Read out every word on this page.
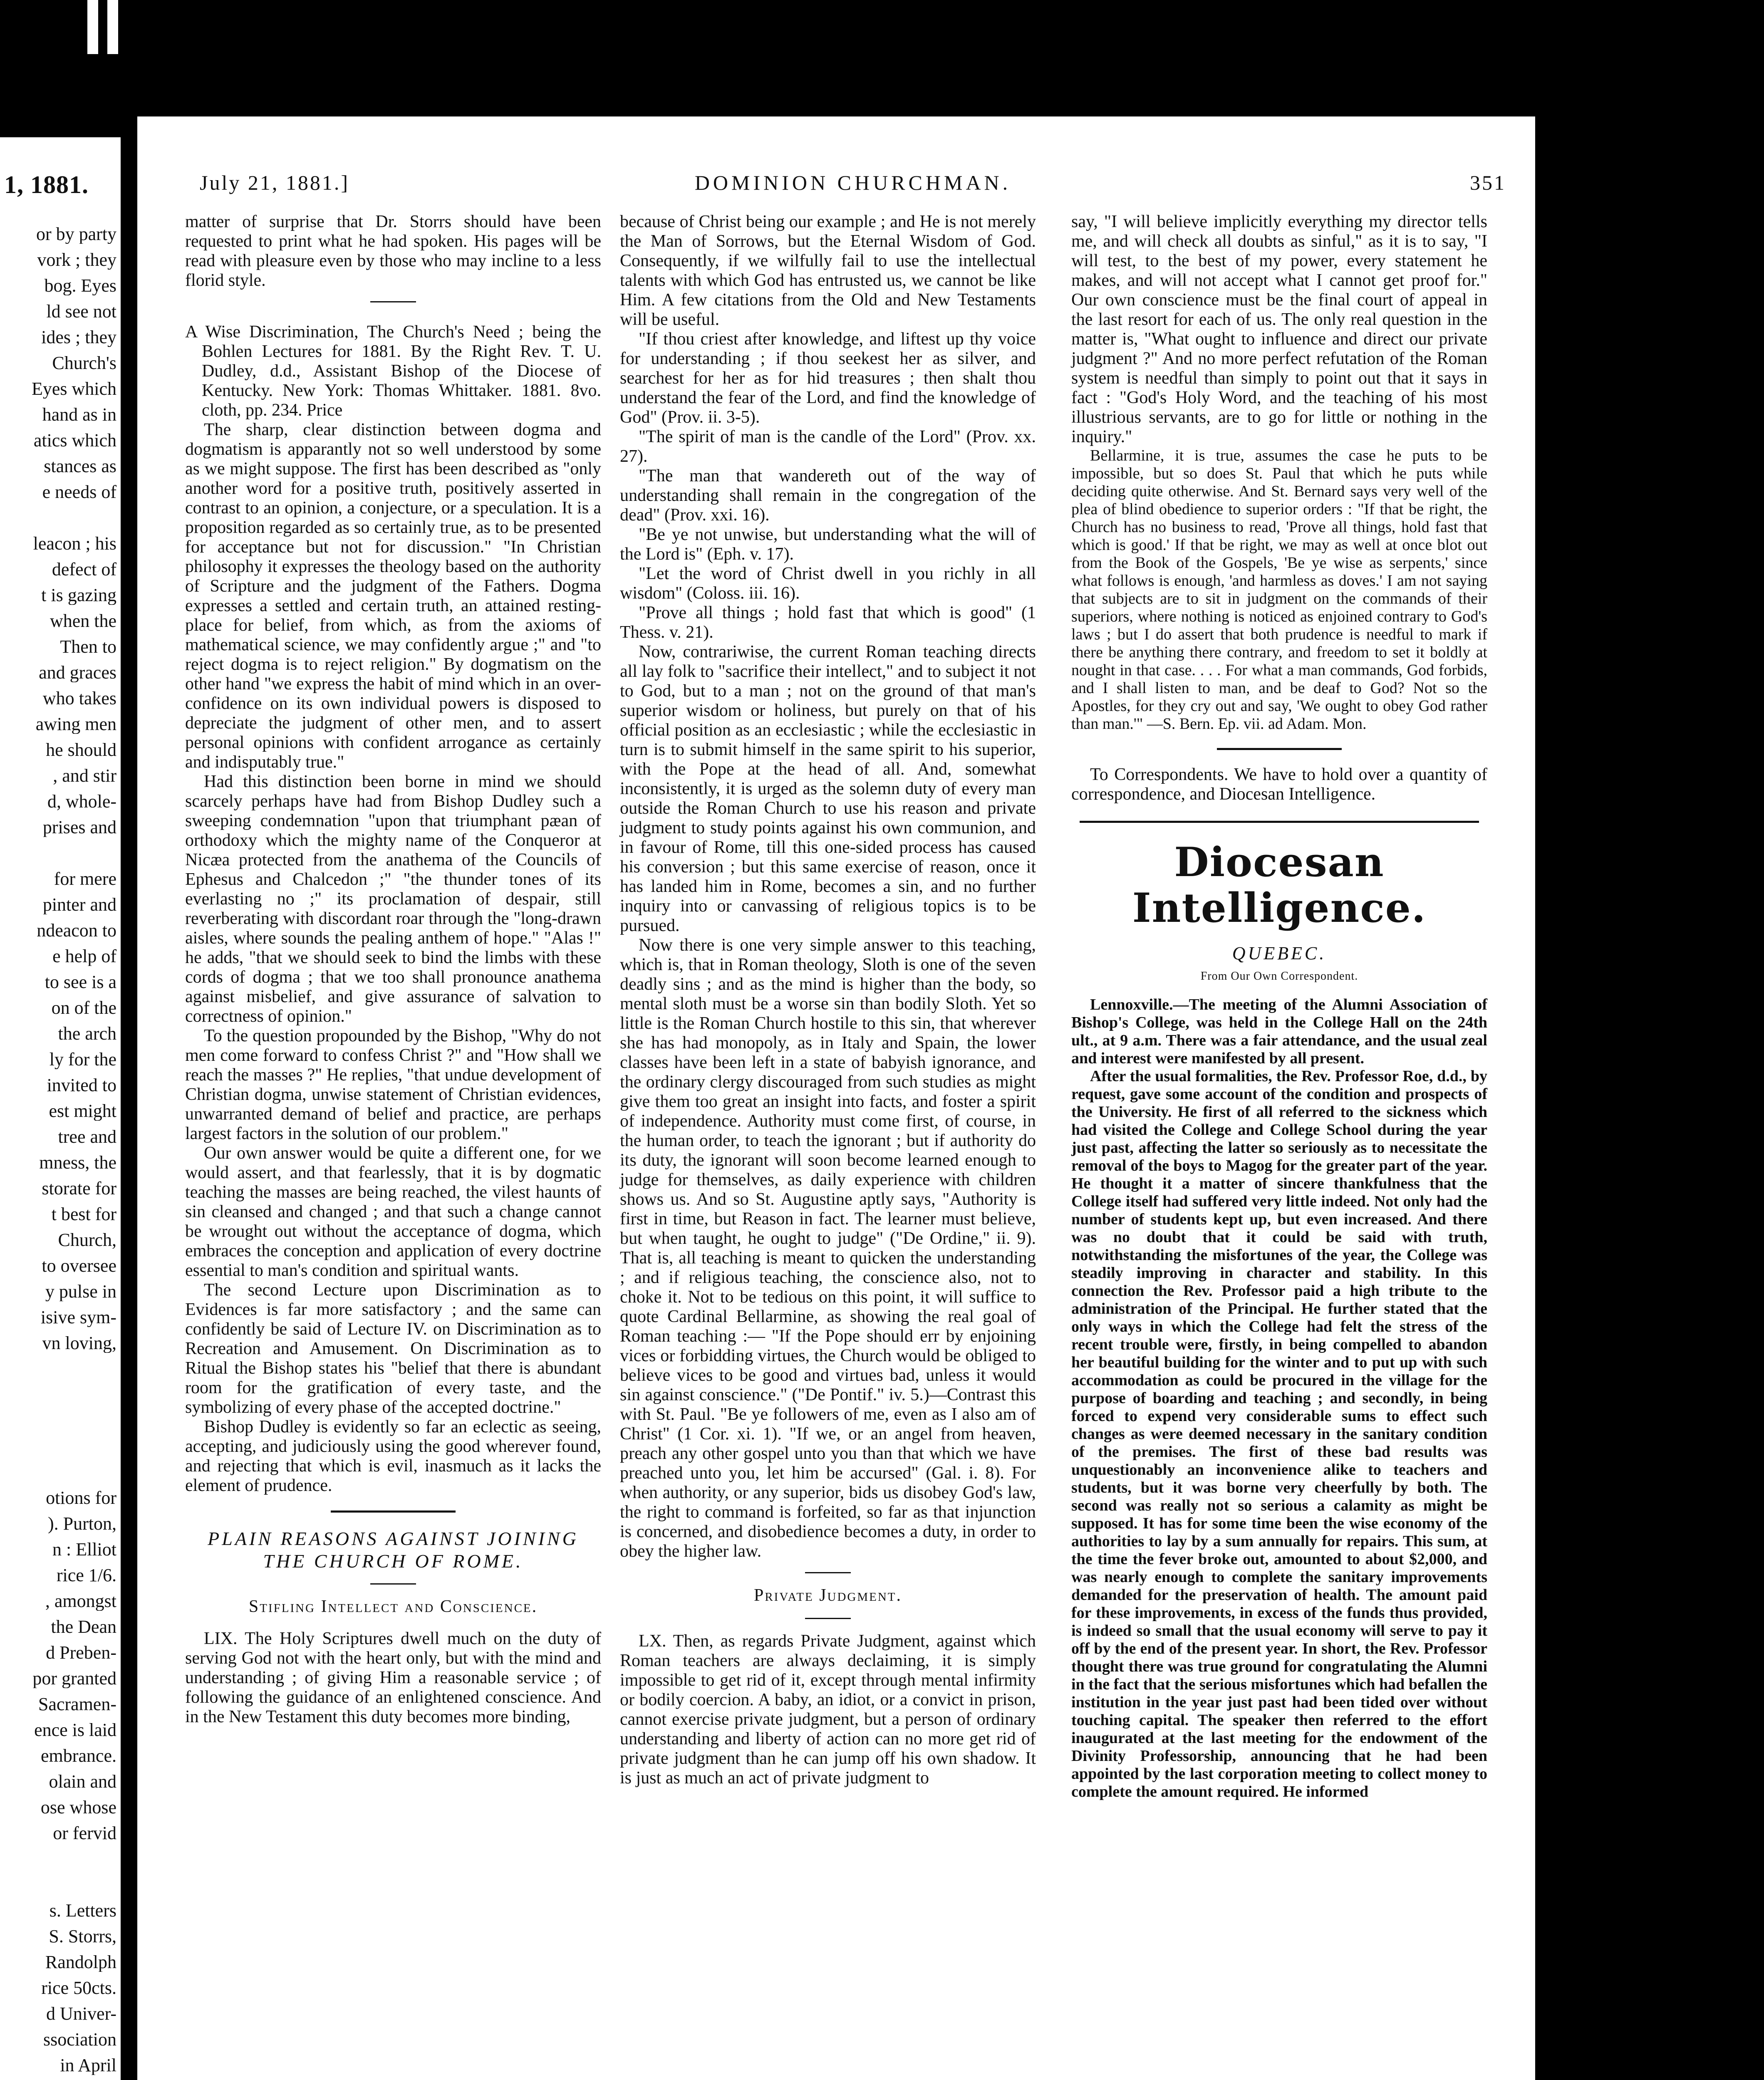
1, 1881.
or by party
vork ; they
bog. Eyes
ld see not
ides ; they
Church's
Eyes which
hand as in
atics which
stances as
e needs of
leacon ; his
defect of
t is gazing
when the
Then to
and graces
who takes
awing men
he should
, and stir
d, whole-
prises and
for mere
pinter and
ndeacon to
e help of
to see is a
on of the
the arch
ly for the
invited to
est might
tree and
mness, the
storate for
t best for
Church,
to oversee
y pulse in
isive sym-
vn loving,
otions for
). Purton,
n : Elliot
rice 1/6.
, amongst
the Dean
d Preben-
por granted
Sacramen-
ence is laid
embrance.
olain and
ose whose
or fervid
s. Letters
S. Storrs,
Randolph
rice 50cts.
d Univer-
ssociation
in April
July 21, 1881.]	DOMINION CHURCHMAN.	351

matter of surprise that Dr. Storrs should have been requested to print what he had spoken. His pages will be read with pleasure even by those who may incline to a less florid style.

A Wise Discrimination, The Church's Need ; being the Bohlen Lectures for 1881. By the Right Rev. T. U. Dudley, d.d., Assistant Bishop of the Diocese of Kentucky. New York: Thomas Whittaker. 1881. 8vo. cloth, pp. 234. Price

The sharp, clear distinction between dogma and dogmatism is apparantly not so well understood by some as we might suppose. The first has been described as "only another word for a positive truth, positively asserted in contrast to an opinion, a conjecture, or a speculation. It is a proposition regarded as so certainly true, as to be presented for acceptance but not for discussion." "In Christian philosophy it expresses the theology based on the authority of Scripture and the judgment of the Fathers. Dogma expresses a settled and certain truth, an attained resting-place for belief, from which, as from the axioms of mathematical science, we may confidently argue ;" and "to reject dogma is to reject religion." By dogmatism on the other hand "we express the habit of mind which in an over-confidence on its own individual powers is disposed to depreciate the judgment of other men, and to assert personal opinions with confident arrogance as certainly and indisputably true."

Had this distinction been borne in mind we should scarcely perhaps have had from Bishop Dudley such a sweeping condemnation "upon that triumphant pæan of orthodoxy which the mighty name of the Conqueror at Nicæa protected from the anathema of the Councils of Ephesus and Chalcedon ;" "the thunder tones of its everlasting no ;" its proclamation of despair, still reverberating with discordant roar through the "long-drawn aisles, where sounds the pealing anthem of hope." "Alas !" he adds, "that we should seek to bind the limbs with these cords of dogma ; that we too shall pronounce anathema against misbelief, and give assurance of salvation to correctness of opinion."

To the question propounded by the Bishop, "Why do not men come forward to confess Christ ?" and "How shall we reach the masses ?" He replies, "that undue development of Christian dogma, unwise statement of Christian evidences, unwarranted demand of belief and practice, are perhaps largest factors in the solution of our problem."

Our own answer would be quite a different one, for we would assert, and that fearlessly, that it is by dogmatic teaching the masses are being reached, the vilest haunts of sin cleansed and changed ; and that such a change cannot be wrought out without the acceptance of dogma, which embraces the conception and application of every doctrine essential to man's condition and spiritual wants.

The second Lecture upon Discrimination as to Evidences is far more satisfactory ; and the same can confidently be said of Lecture IV. on Discrimination as to Recreation and Amusement. On Discrimination as to Ritual the Bishop states his "belief that there is abundant room for the gratification of every taste, and the symbolizing of every phase of the accepted doctrine."

Bishop Dudley is evidently so far an eclectic as seeing, accepting, and judiciously using the good wherever found, and rejecting that which is evil, inasmuch as it lacks the element of prudence.

PLAIN REASONS AGAINST JOINING THE CHURCH OF ROME.
Stifling Intellect and Conscience.

LIX. The Holy Scriptures dwell much on the duty of serving God not with the heart only, but with the mind and understanding ; of giving Him a reasonable service ; of following the guidance of an enlightened conscience. And in the New Testament this duty becomes more binding,

because of Christ being our example ; and He is not merely the Man of Sorrows, but the Eternal Wisdom of God. Consequently, if we wilfully fail to use the intellectual talents with which God has entrusted us, we cannot be like Him. A few citations from the Old and New Testaments will be useful.

"If thou criest after knowledge, and liftest up thy voice for understanding ; if thou seekest her as silver, and searchest for her as for hid treasures ; then shalt thou understand the fear of the Lord, and find the knowledge of God" (Prov. ii. 3-5).

"The spirit of man is the candle of the Lord" (Prov. xx. 27).

"The man that wandereth out of the way of understanding shall remain in the congregation of the dead" (Prov. xxi. 16).

"Be ye not unwise, but understanding what the will of the Lord is" (Eph. v. 17).

"Let the word of Christ dwell in you richly in all wisdom" (Coloss. iii. 16).

"Prove all things ; hold fast that which is good" (1 Thess. v. 21).

Now, contrariwise, the current Roman teaching directs all lay folk to "sacrifice their intellect," and to subject it not to God, but to a man ; not on the ground of that man's superior wisdom or holiness, but purely on that of his official position as an ecclesiastic ; while the ecclesiastic in turn is to submit himself in the same spirit to his superior, with the Pope at the head of all. And, somewhat inconsistently, it is urged as the solemn duty of every man outside the Roman Church to use his reason and private judgment to study points against his own communion, and in favour of Rome, till this one-sided process has caused his conversion ; but this same exercise of reason, once it has landed him in Rome, becomes a sin, and no further inquiry into or canvassing of religious topics is to be pursued.

Now there is one very simple answer to this teaching, which is, that in Roman theology, Sloth is one of the seven deadly sins ; and as the mind is higher than the body, so mental sloth must be a worse sin than bodily Sloth. Yet so little is the Roman Church hostile to this sin, that wherever she has had monopoly, as in Italy and Spain, the lower classes have been left in a state of babyish ignorance, and the ordinary clergy discouraged from such studies as might give them too great an insight into facts, and foster a spirit of independence. Authority must come first, of course, in the human order, to teach the ignorant ; but if authority do its duty, the ignorant will soon become learned enough to judge for themselves, as daily experience with children shows us. And so St. Augustine aptly says, "Authority is first in time, but Reason in fact. The learner must believe, but when taught, he ought to judge" ("De Ordine," ii. 9). That is, all teaching is meant to quicken the understanding ; and if religious teaching, the conscience also, not to choke it. Not to be tedious on this point, it will suffice to quote Cardinal Bellarmine, as showing the real goal of Roman teaching :— "If the Pope should err by enjoining vices or forbidding virtues, the Church would be obliged to believe vices to be good and virtues bad, unless it would sin against conscience." ("De Pontif." iv. 5.)—Contrast this with St. Paul. "Be ye followers of me, even as I also am of Christ" (1 Cor. xi. 1). "If we, or an angel from heaven, preach any other gospel unto you than that which we have preached unto you, let him be accursed" (Gal. i. 8). For when authority, or any superior, bids us disobey God's law, the right to command is forfeited, so far as that injunction is concerned, and disobedience becomes a duty, in order to obey the higher law.

Private Judgment.

LX. Then, as regards Private Judgment, against which Roman teachers are always declaiming, it is simply impossible to get rid of it, except through mental infirmity or bodily coercion. A baby, an idiot, or a convict in prison, cannot exercise private judgment, but a person of ordinary understanding and liberty of action can no more get rid of private judgment than he can jump off his own shadow. It is just as much an act of private judgment to

say, "I will believe implicitly everything my director tells me, and will check all doubts as sinful," as it is to say, "I will test, to the best of my power, every statement he makes, and will not accept what I cannot get proof for." Our own conscience must be the final court of appeal in the last resort for each of us. The only real question in the matter is, "What ought to influence and direct our private judgment ?" And no more perfect refutation of the Roman system is needful than simply to point out that it says in fact : "God's Holy Word, and the teaching of his most illustrious servants, are to go for little or nothing in the inquiry."

Bellarmine, it is true, assumes the case he puts to be impossible, but so does St. Paul that which he puts while deciding quite otherwise. And St. Bernard says very well of the plea of blind obedience to superior orders : "If that be right, the Church has no business to read, 'Prove all things, hold fast that which is good.' If that be right, we may as well at once blot out from the Book of the Gospels, 'Be ye wise as serpents,' since what follows is enough, 'and harmless as doves.' I am not saying that subjects are to sit in judgment on the commands of their superiors, where nothing is noticed as enjoined contrary to God's laws ; but I do assert that both prudence is needful to mark if there be anything there contrary, and freedom to set it boldly at nought in that case. . . . For what a man commands, God forbids, and I shall listen to man, and be deaf to God? Not so the Apostles, for they cry out and say, 'We ought to obey God rather than man.'" —S. Bern. Ep. vii. ad Adam. Mon.

To Correspondents. We have to hold over a quantity of correspondence, and Diocesan Intelligence.

Diocesan Intelligence.
QUEBEC.
From Our Own Correspondent.

Lennoxville.—The meeting of the Alumni Association of Bishop's College, was held in the College Hall on the 24th ult., at 9 a.m. There was a fair attendance, and the usual zeal and interest were manifested by all present.

After the usual formalities, the Rev. Professor Roe, d.d., by request, gave some account of the condition and prospects of the University. He first of all referred to the sickness which had visited the College and College School during the year just past, affecting the latter so seriously as to necessitate the removal of the boys to Magog for the greater part of the year. He thought it a matter of sincere thankfulness that the College itself had suffered very little indeed. Not only had the number of students kept up, but even increased. And there was no doubt that it could be said with truth, notwithstanding the misfortunes of the year, the College was steadily improving in character and stability. In this connection the Rev. Professor paid a high tribute to the administration of the Principal. He further stated that the only ways in which the College had felt the stress of the recent trouble were, firstly, in being compelled to abandon her beautiful building for the winter and to put up with such accommodation as could be procured in the village for the purpose of boarding and teaching ; and secondly, in being forced to expend very considerable sums to effect such changes as were deemed necessary in the sanitary condition of the premises. The first of these bad results was unquestionably an inconvenience alike to teachers and students, but it was borne very cheerfully by both. The second was really not so serious a calamity as might be supposed. It has for some time been the wise economy of the authorities to lay by a sum annually for repairs. This sum, at the time the fever broke out, amounted to about $2,000, and was nearly enough to complete the sanitary improvements demanded for the preservation of health. The amount paid for these improvements, in excess of the funds thus provided, is indeed so small that the usual economy will serve to pay it off by the end of the present year. In short, the Rev. Professor thought there was true ground for congratulating the Alumni in the fact that the serious misfortunes which had befallen the institution in the year just past had been tided over without touching capital. The speaker then referred to the effort inaugurated at the last meeting for the endowment of the Divinity Professorship, announcing that he had been appointed by the last corporation meeting to collect money to complete the amount required. He informed
